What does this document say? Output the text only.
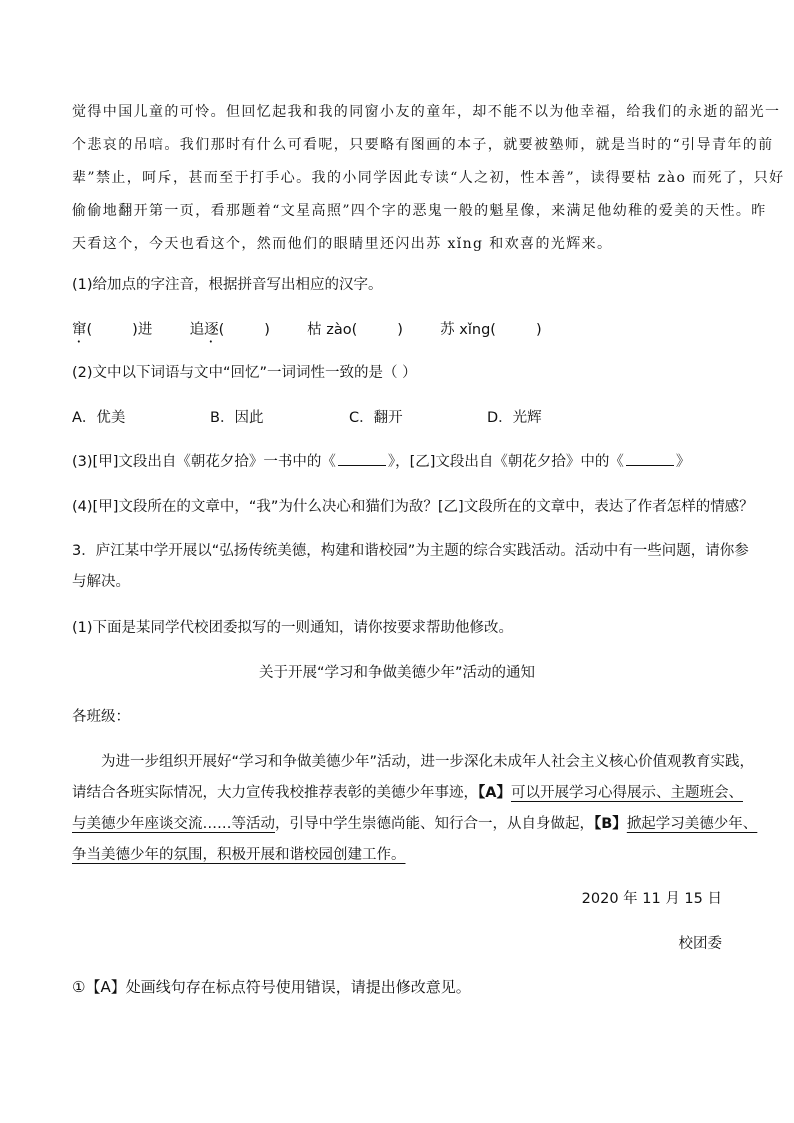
觉得中国儿童的可怜。但回忆起我和我的同窗小友的童年，却不能不以为他幸福，给我们的永逝的韶光一
个悲哀的吊唁。我们那时有什么可看呢，只要略有图画的本子，就要被塾师，就是当时的“引导青年的前
辈”禁止，呵斥，甚而至于打手心。我的小同学因此专读“人之初，性本善”，读得要枯 zào 而死了，只好
偷偷地翻开第一页，看那题着“文星高照”四个字的恶鬼一般的魁星像，来满足他幼稚的爱美的天性。昨
天看这个，今天也看这个，然而他们的眼睛里还闪出苏 xǐng 和欢喜的光辉来。
(1)给加点的字注音，根据拼音写出相应的汉字。
窜(	)进	追逐(	)	枯 zào(	)	苏 xǐng(	)
(2)文中以下词语与文中“回忆”一词词性一致的是（ ）
A．优美	B．因此	C．翻开	D．光辉
(3)[甲]文段出自《朝花夕拾》一书中的《	》，[乙]文段出自《朝花夕拾》中的《	》
(4)[甲]文段所在的文章中，“我”为什么决心和猫们为敌？[乙]文段所在的文章中，表达了作者怎样的情感？
3．庐江某中学开展以“弘扬传统美德，构建和谐校园”为主题的综合实践活动。活动中有一些问题，请你参
与解决。
(1)下面是某同学代校团委拟写的一则通知，请你按要求帮助他修改。
关于开展“学习和争做美德少年”活动的通知
各班级：
为进一步组织开展好“学习和争做美德少年”活动，进一步深化未成年人社会主义核心价值观教育实践，
请结合各班实际情况，大力宣传我校推荐表彰的美德少年事迹，【A】可以开展学习心得展示、主题班会、
与美德少年座谈交流……等活动，引导中学生崇德尚能、知行合一，从自身做起，【B】掀起学习美德少年、
争当美德少年的氛围，积极开展和谐校园创建工作。
2020 年 11 月 15 日
校团委
①【A】处画线句存在标点符号使用错误，请提出修改意见。
